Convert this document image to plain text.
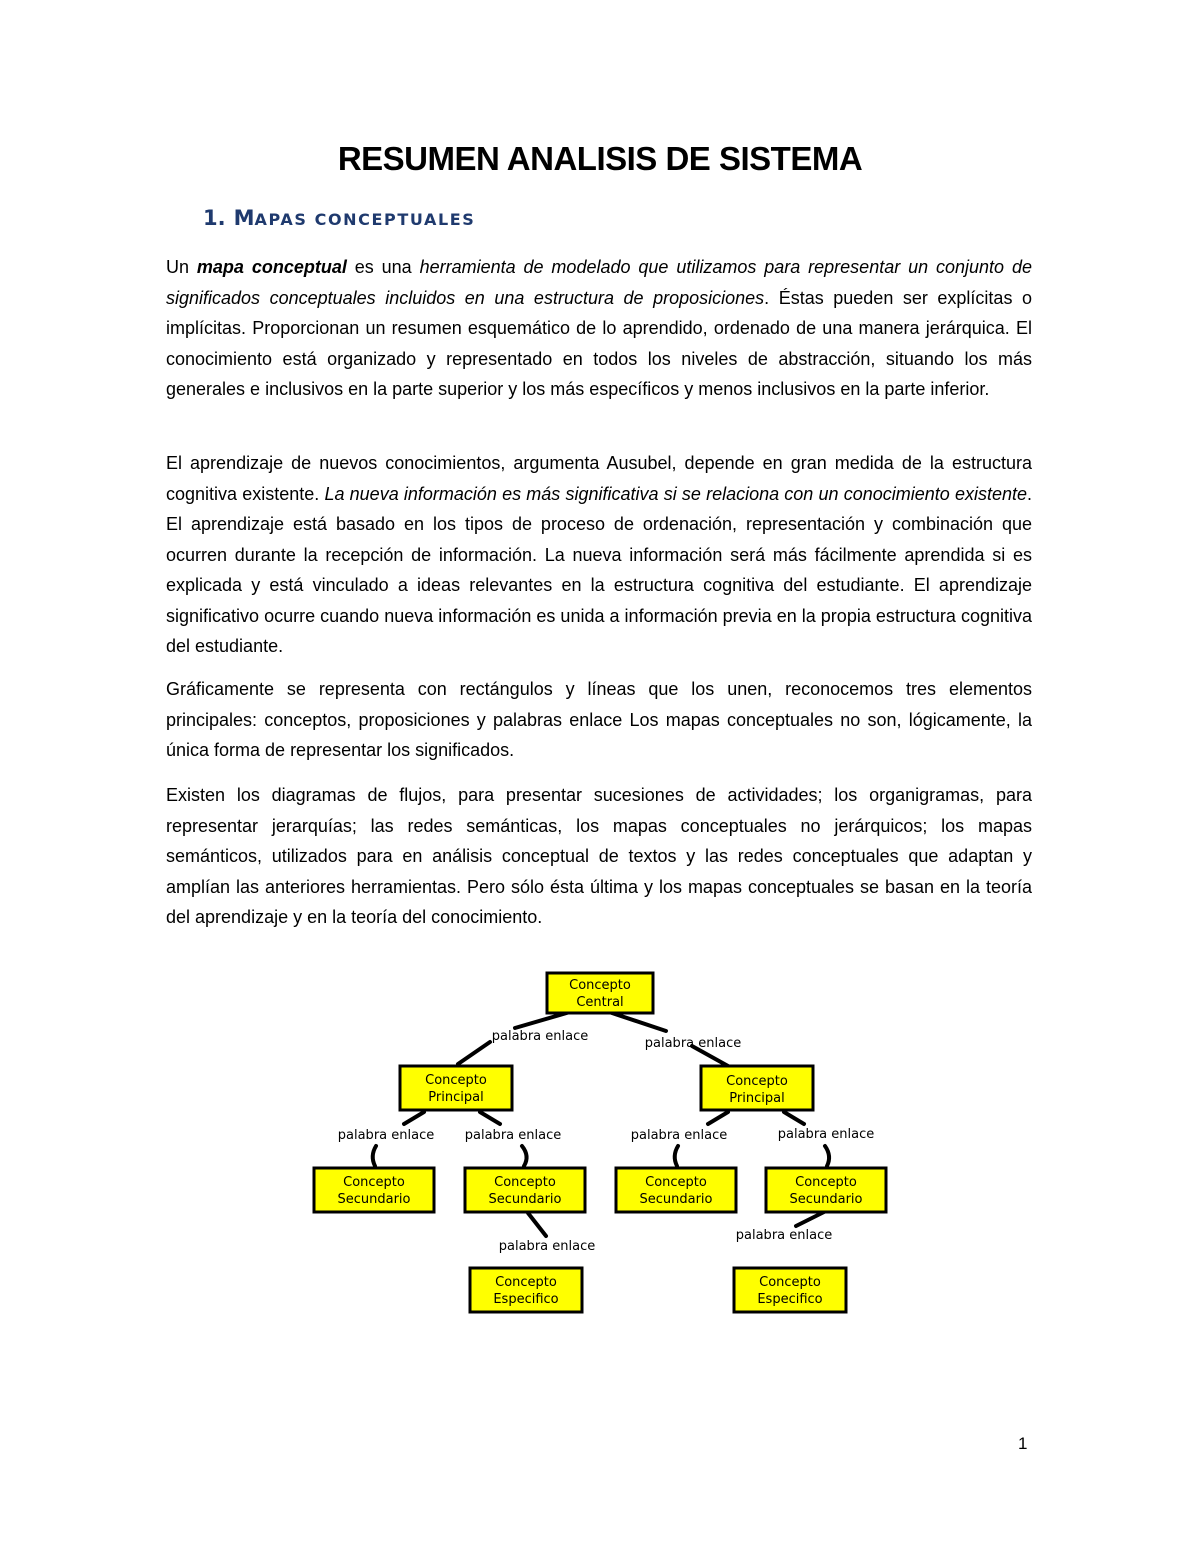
RESUMEN ANALISIS DE SISTEMA
1. MAPAS CONCEPTUALES

Un mapa conceptual es una herramienta de modelado que utilizamos para representar un conjunto de significados conceptuales incluidos en una estructura de proposiciones. Éstas pueden ser explícitas o implícitas. Proporcionan un resumen esquemático de lo aprendido, ordenado de una manera jerárquica. El conocimiento está organizado y representado en todos los niveles de abstracción, situando los más generales e inclusivos en la parte superior y los más específicos y menos inclusivos en la parte inferior.

El aprendizaje de nuevos conocimientos, argumenta Ausubel, depende en gran medida de la estructura cognitiva existente. La nueva información es más significativa si se relaciona con un conocimiento existente. El aprendizaje está basado en los tipos de proceso de ordenación, representación y combinación que ocurren durante la recepción de información. La nueva información será más fácilmente aprendida si es explicada y está vinculado a ideas relevantes en la estructura cognitiva del estudiante. El aprendizaje significativo ocurre cuando nueva información es unida a información previa en la propia estructura cognitiva del estudiante.

Gráficamente se representa con rectángulos y líneas que los unen, reconocemos tres elementos principales: conceptos, proposiciones y palabras enlace Los mapas conceptuales no son, lógicamente, la única forma de representar los significados.

Existen los diagramas de flujos, para presentar sucesiones de actividades; los organigramas, para representar jerarquías; las redes semánticas, los mapas conceptuales no jerárquicos; los mapas semánticos, utilizados para en análisis conceptual de textos y las redes conceptuales que adaptan y amplían las anteriores herramientas. Pero sólo ésta última y los mapas conceptuales se basan en la teoría del aprendizaje y en la teoría del conocimiento.

Concepto
Central
Concepto
Principal
Concepto
Principal
Concepto
Secundario
Concepto
Secundario
Concepto
Secundario
Concepto
Secundario
Concepto
Especifico
Concepto
Especifico
palabra enlace	palabra enlace
palabra enlace palabra enlace	palabra enlace	palabra enlace
palabra enlace
palabra enlace

1
